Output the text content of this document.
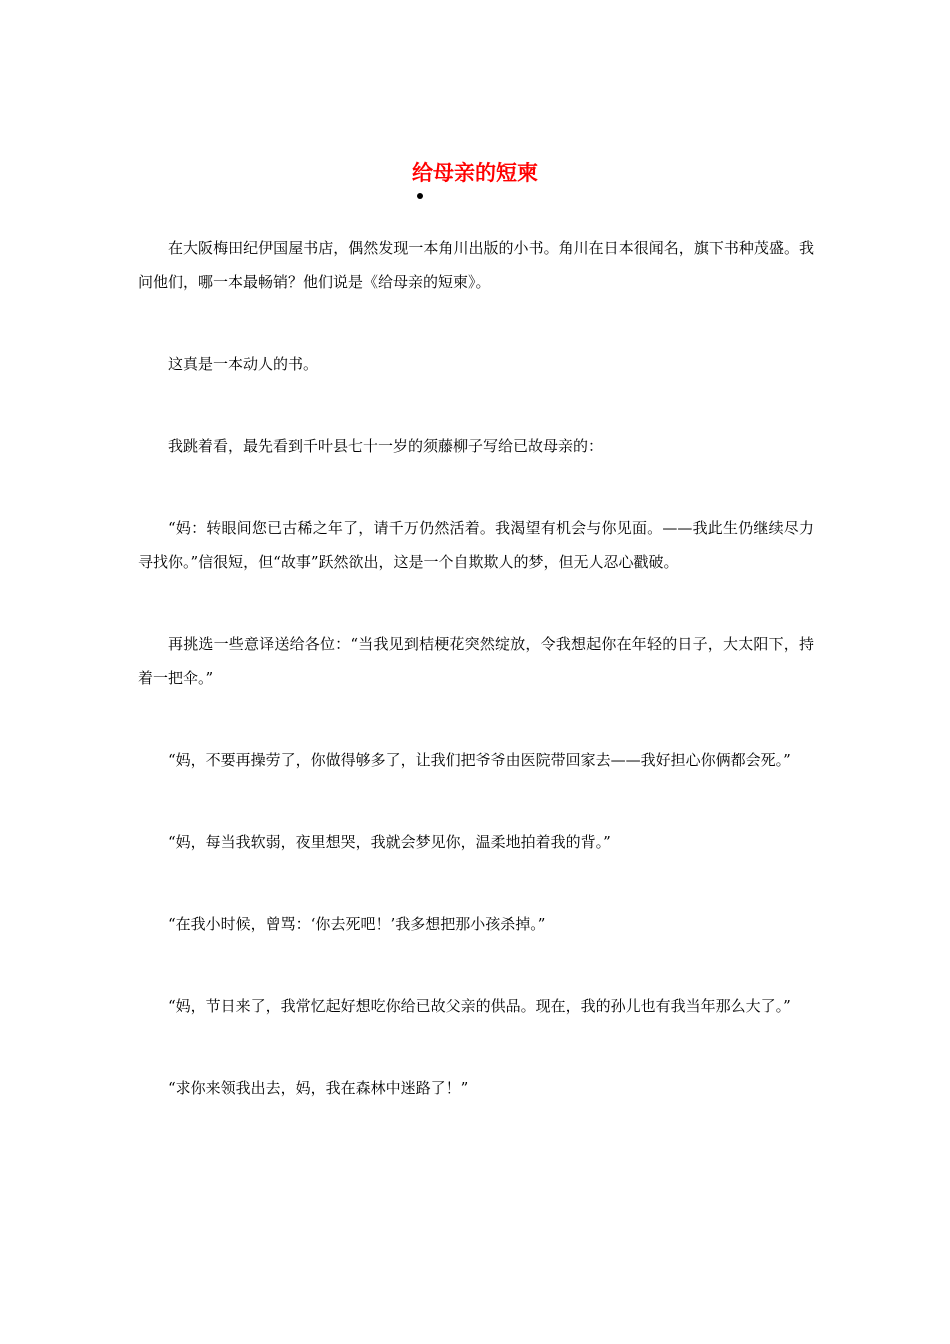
给母亲的短柬

在大阪梅田纪伊国屋书店，偶然发现一本角川出版的小书。角川在日本很闻名，旗下书种茂盛。我问他们，哪一本最畅销？他们说是《给母亲的短柬》。

这真是一本动人的书。

我跳着看，最先看到千叶县七十一岁的须藤柳子写给已故母亲的：

“妈：转眼间您已古稀之年了，请千万仍然活着。我渴望有机会与你见面。——我此生仍继续尽力寻找你。”信很短，但“故事”跃然欲出，这是一个自欺欺人的梦，但无人忍心戳破。

再挑选一些意译送给各位：“当我见到桔梗花突然绽放，令我想起你在年轻的日子，大太阳下，持着一把伞。”

“妈，不要再操劳了，你做得够多了，让我们把爷爷由医院带回家去——我好担心你俩都会死。”

“妈，每当我软弱，夜里想哭，我就会梦见你，温柔地拍着我的背。”

“在我小时候，曾骂：‘你去死吧！’我多想把那小孩杀掉。”

“妈，节日来了，我常忆起好想吃你给已故父亲的供品。现在，我的孙儿也有我当年那么大了。”

“求你来领我出去，妈，我在森林中迷路了！”
